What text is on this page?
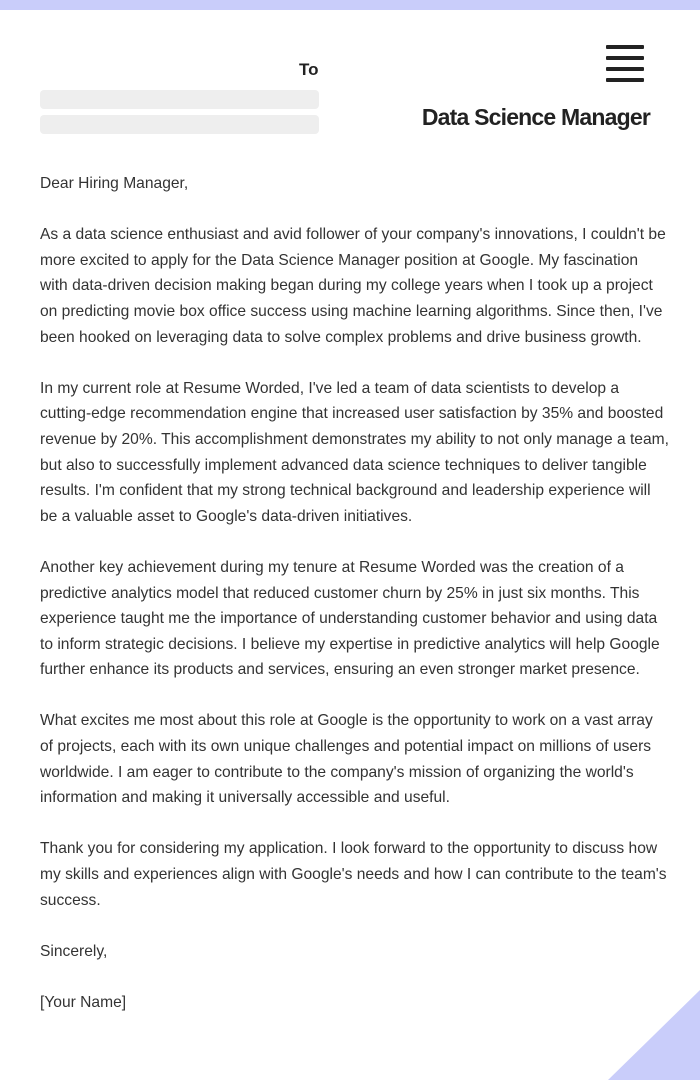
To
Data Science Manager

Dear Hiring Manager,

As a data science enthusiast and avid follower of your company's innovations, I couldn't be more excited to apply for the Data Science Manager position at Google. My fascination with data-driven decision making began during my college years when I took up a project on predicting movie box office success using machine learning algorithms. Since then, I've been hooked on leveraging data to solve complex problems and drive business growth.

In my current role at Resume Worded, I've led a team of data scientists to develop a cutting-edge recommendation engine that increased user satisfaction by 35% and boosted revenue by 20%. This accomplishment demonstrates my ability to not only manage a team, but also to successfully implement advanced data science techniques to deliver tangible results. I'm confident that my strong technical background and leadership experience will be a valuable asset to Google's data-driven initiatives.

Another key achievement during my tenure at Resume Worded was the creation of a predictive analytics model that reduced customer churn by 25% in just six months. This experience taught me the importance of understanding customer behavior and using data to inform strategic decisions. I believe my expertise in predictive analytics will help Google further enhance its products and services, ensuring an even stronger market presence.

What excites me most about this role at Google is the opportunity to work on a vast array of projects, each with its own unique challenges and potential impact on millions of users worldwide. I am eager to contribute to the company's mission of organizing the world's information and making it universally accessible and useful.

Thank you for considering my application. I look forward to the opportunity to discuss how my skills and experiences align with Google's needs and how I can contribute to the team's success.

Sincerely,

[Your Name]
